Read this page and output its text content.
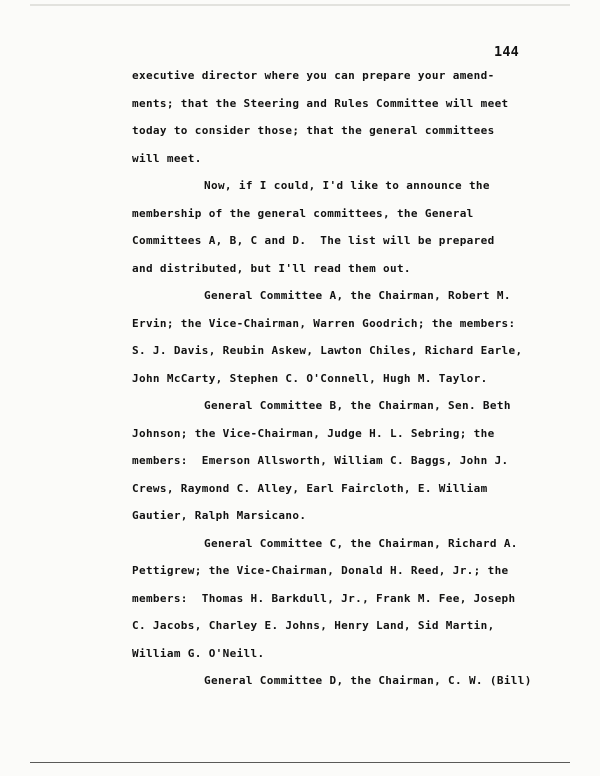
144
executive director where you can prepare your amend-
ments; that the Steering and Rules Committee will meet
today to consider those; that the general committees
will meet.
Now, if I could, I'd like to announce the
membership of the general committees, the General
Committees A, B, C and D.  The list will be prepared
and distributed, but I'll read them out.
General Committee A, the Chairman, Robert M.
Ervin; the Vice-Chairman, Warren Goodrich; the members:
S. J. Davis, Reubin Askew, Lawton Chiles, Richard Earle,
John McCarty, Stephen C. O'Connell, Hugh M. Taylor.
General Committee B, the Chairman, Sen. Beth
Johnson; the Vice-Chairman, Judge H. L. Sebring; the
members:  Emerson Allsworth, William C. Baggs, John J.
Crews, Raymond C. Alley, Earl Faircloth, E. William
Gautier, Ralph Marsicano.
General Committee C, the Chairman, Richard A.
Pettigrew; the Vice-Chairman, Donald H. Reed, Jr.; the
members:  Thomas H. Barkdull, Jr., Frank M. Fee, Joseph
C. Jacobs, Charley E. Johns, Henry Land, Sid Martin,
William G. O'Neill.
General Committee D, the Chairman, C. W. (Bill)
